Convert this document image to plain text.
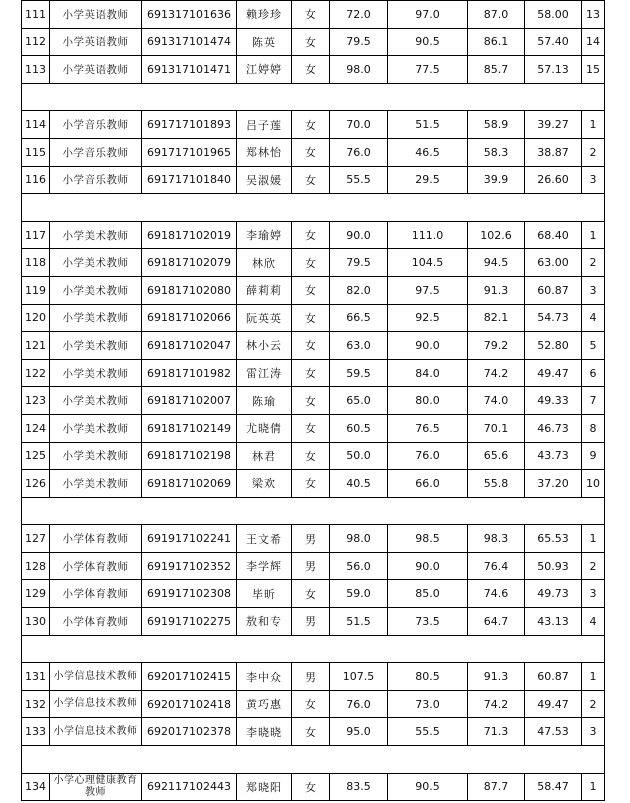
111	小学英语教师	691317101636	赖珍珍	女	72.0	97.0	87.0	58.00	13
112	小学英语教师	691317101474	陈英	女	79.5	90.5	86.1	57.40	14
113	小学英语教师	691317101471	江婷婷	女	98.0	77.5	85.7	57.13	15

114	小学音乐教师	691717101893	吕子莲	女	70.0	51.5	58.9	39.27	1
115	小学音乐教师	691717101965	郑林怡	女	76.0	46.5	58.3	38.87	2
116	小学音乐教师	691717101840	吴淑媛	女	55.5	29.5	39.9	26.60	3

117	小学美术教师	691817102019	李瑜婷	女	90.0	111.0	102.6	68.40	1
118	小学美术教师	691817102079	林欣	女	79.5	104.5	94.5	63.00	2
119	小学美术教师	691817102080	薛莉莉	女	82.0	97.5	91.3	60.87	3
120	小学美术教师	691817102066	阮英英	女	66.5	92.5	82.1	54.73	4
121	小学美术教师	691817102047	林小云	女	63.0	90.0	79.2	52.80	5
122	小学美术教师	691817101982	雷江涛	女	59.5	84.0	74.2	49.47	6
123	小学美术教师	691817102007	陈瑜	女	65.0	80.0	74.0	49.33	7
124	小学美术教师	691817102149	尤晓倩	女	60.5	76.5	70.1	46.73	8
125	小学美术教师	691817102198	林君	女	50.0	76.0	65.6	43.73	9
126	小学美术教师	691817102069	梁欢	女	40.5	66.0	55.8	37.20	10

127	小学体育教师	691917102241	王文希	男	98.0	98.5	98.3	65.53	1
128	小学体育教师	691917102352	李学辉	男	56.0	90.0	76.4	50.93	2
129	小学体育教师	691917102308	毕昕	女	59.0	85.0	74.6	49.73	3
130	小学体育教师	691917102275	敖和专	男	51.5	73.5	64.7	43.13	4

131	小学信息技术教师	692017102415	李中众	男	107.5	80.5	91.3	60.87	1
132	小学信息技术教师	692017102418	黄巧惠	女	76.0	73.0	74.2	49.47	2
133	小学信息技术教师	692017102378	李晓晓	女	95.0	55.5	71.3	47.53	3

134	小学心理健康教育教师	692117102443	郑晓阳	女	83.5	90.5	87.7	58.47	1
